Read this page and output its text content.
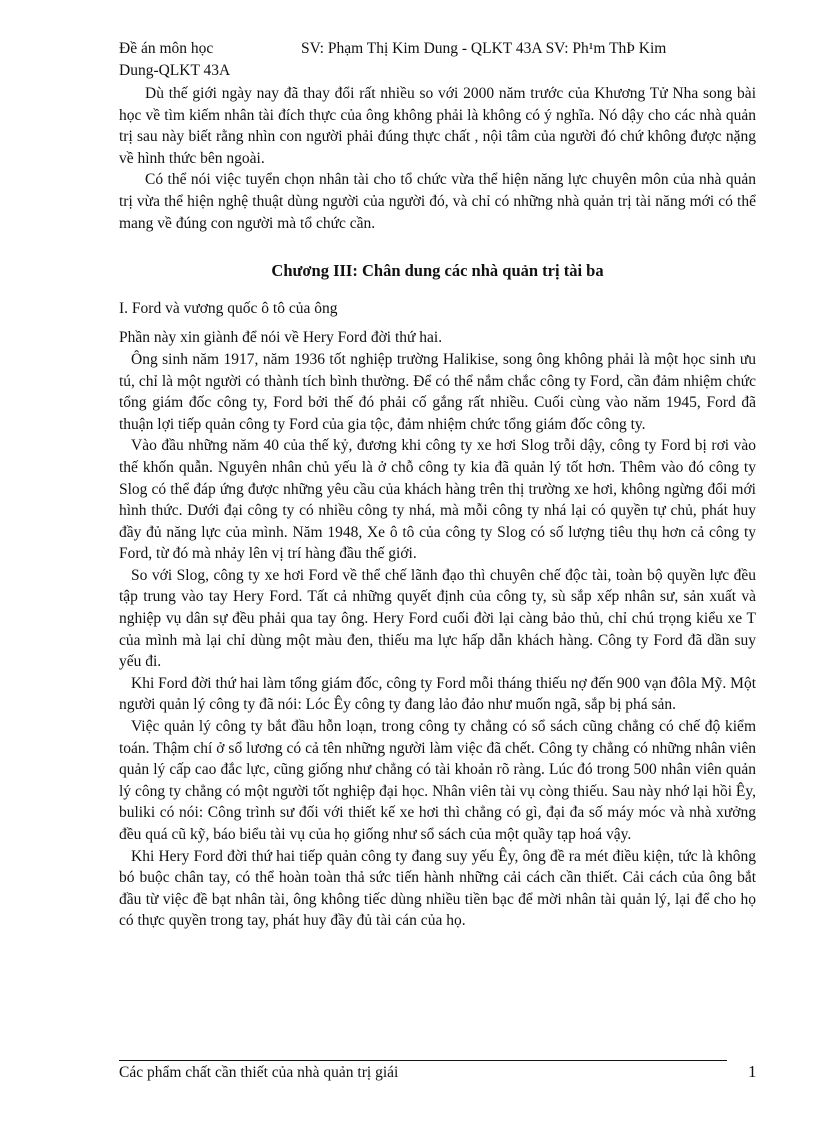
Đề án môn học
Dung-QLKT 43A
SV: Phạm Thị Kim Dung - QLKT 43A SV: Ph¹m ThÞ Kim

Dù thế giới ngày nay đã thay đổi rất nhiều so với 2000 năm trước của Khương Tử Nha song bài học về tìm kiếm nhân tài đích thực của ông không phải là không có ý nghĩa. Nó dậy cho các nhà quản trị sau này biết rằng nhìn con người phải đúng thực chất , nội tâm của người đó chứ không được nặng về hình thức bên ngoài.

Có thể nói việc tuyển chọn nhân tài cho tổ chức vừa thể hiện năng lực chuyên môn của nhà quản trị vừa thể hiện nghệ thuật dùng người của người đó, và chỉ có những nhà quản trị tài năng mới có thể mang về đúng con người mà tổ chức cần.

Chương III: Chân dung các nhà quản trị tài ba

I. Ford và vương quốc ô tô của ông

Phần này xin giành để nói về Hery Ford đời thứ hai.

Ông sinh năm 1917, năm 1936 tốt nghiệp trường Halikise, song ông không phải là một học sinh ưu tú, chỉ là một người có thành tích bình thường. Để có thể nắm chắc công ty Ford, cần đảm nhiệm chức tổng giám đốc công ty, Ford bởi thế đó phải cố gắng rất nhiều. Cuối cùng vào năm 1945, Ford đã thuận lợi tiếp quản công ty Ford của gia tộc, đảm nhiệm chức tổng giám đốc công ty.

Vào đầu những năm 40 của thế kỷ, đương khi công ty xe hơi Slog trỗi dậy, công ty Ford bị rơi vào thế khốn quẫn. Nguyên nhân chủ yếu là ở chỗ công ty kia đã quản lý tốt hơn. Thêm vào đó công ty Slog có thể đáp ứng được những yêu cầu của khách hàng trên thị trường xe hơi, không ngừng đổi mới hình thức. Dưới đại công ty có nhiều công ty nhá, mà mỗi công ty nhá lại có quyền tự chủ, phát huy đầy đủ năng lực của mình. Năm 1948, Xe ô tô của công ty Slog có số lượng tiêu thụ hơn cả công ty Ford, từ đó mà nhảy lên vị trí hàng đầu thế giới.

So với Slog, công ty xe hơi Ford về thể chế lãnh đạo thì chuyên chế độc tài, toàn bộ quyền lực đều tập trung vào tay Hery Ford. Tất cả những quyết định của công ty, sù sắp xếp nhân sư, sản xuất và nghiệp vụ dân sự đều phải qua tay ông. Hery Ford cuối đời lại càng bảo thủ, chỉ chú trọng kiểu xe T của mình mà lại chỉ dùng một màu đen, thiếu ma lực hấp dẫn khách hàng. Công ty Ford đã dần suy yếu đi.

Khi Ford đời thứ hai làm tổng giám đốc, công ty Ford mỗi tháng thiếu nợ đến 900 vạn đôla Mỹ. Một người quản lý công ty đã nói: Lóc Êy công ty đang lảo đảo như muốn ngã, sắp bị phá sản.

Việc quản lý công ty bắt đầu hỗn loạn, trong công ty chẳng có sổ sách cũng chẳng có chế độ kiểm toán. Thậm chí ở sổ lương có cả tên những người làm việc đã chết. Công ty chẳng có những nhân viên quản lý cấp cao đắc lực, cũng giống như chẳng có tài khoản rõ ràng. Lúc đó trong 500 nhân viên quản lý công ty chẳng có một người tốt nghiệp đại học. Nhân viên tài vụ còng thiếu. Sau này nhớ lại hồi Êy, buliki có nói: Công trình sư đối với thiết kế xe hơi thì chẳng có gì, đại đa số máy móc và nhà xưởng đều quá cũ kỹ, báo biểu tài vụ của họ giống như sổ sách của một quầy tạp hoá vậy.

Khi Hery Ford đời thứ hai tiếp quản công ty đang suy yếu Êy, ông đề ra mét điều kiện, tức là không bó buộc chân tay, có thể hoàn toàn thả sức tiến hành những cải cách cần thiết. Cải cách của ông bắt đầu từ việc đề bạt nhân tài, ông không tiếc dùng nhiều tiền bạc để mời nhân tài quản lý, lại để cho họ có thực quyền trong tay, phát huy đầy đủ tài cán của họ.

Các phẩm chất cần thiết của nhà quản trị giái	1
